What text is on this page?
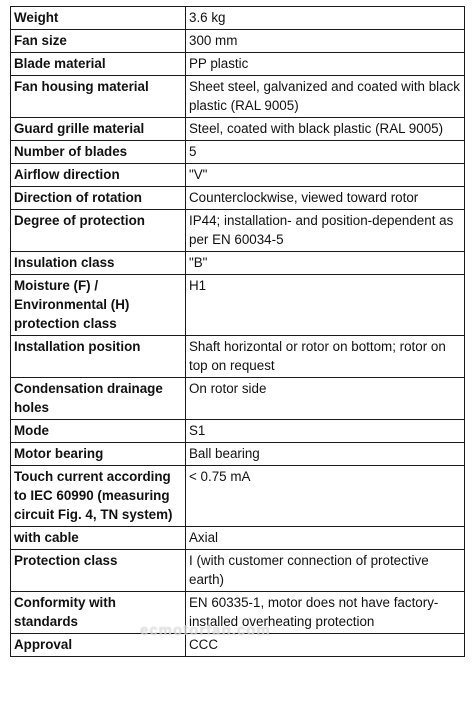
Weight	3.6 kg
Fan size	300 mm
Blade material	PP plastic
Fan housing material	Sheet steel, galvanized and coated with black plastic (RAL 9005)
Guard grille material	Steel, coated with black plastic (RAL 9005)
Number of blades	5
Airflow direction	"V"
Direction of rotation	Counterclockwise, viewed toward rotor
Degree of protection	IP44; installation- and position-dependent as per EN 60034-5
Insulation class	"B"
Moisture (F) / Environmental (H) protection class	H1
Installation position	Shaft horizontal or rotor on bottom; rotor on top on request
Condensation drainage holes	On rotor side
Mode	S1
Motor bearing	Ball bearing
Touch current according to IEC 60990 (measuring circuit Fig. 4, TN system)	< 0.75 mA
with cable	Axial
Protection class	I (with customer connection of protective earth)
Conformity with standards	EN 60335-1, motor does not have factory-installed overheating protection
Approval	CCC
ecmotorfan.com
